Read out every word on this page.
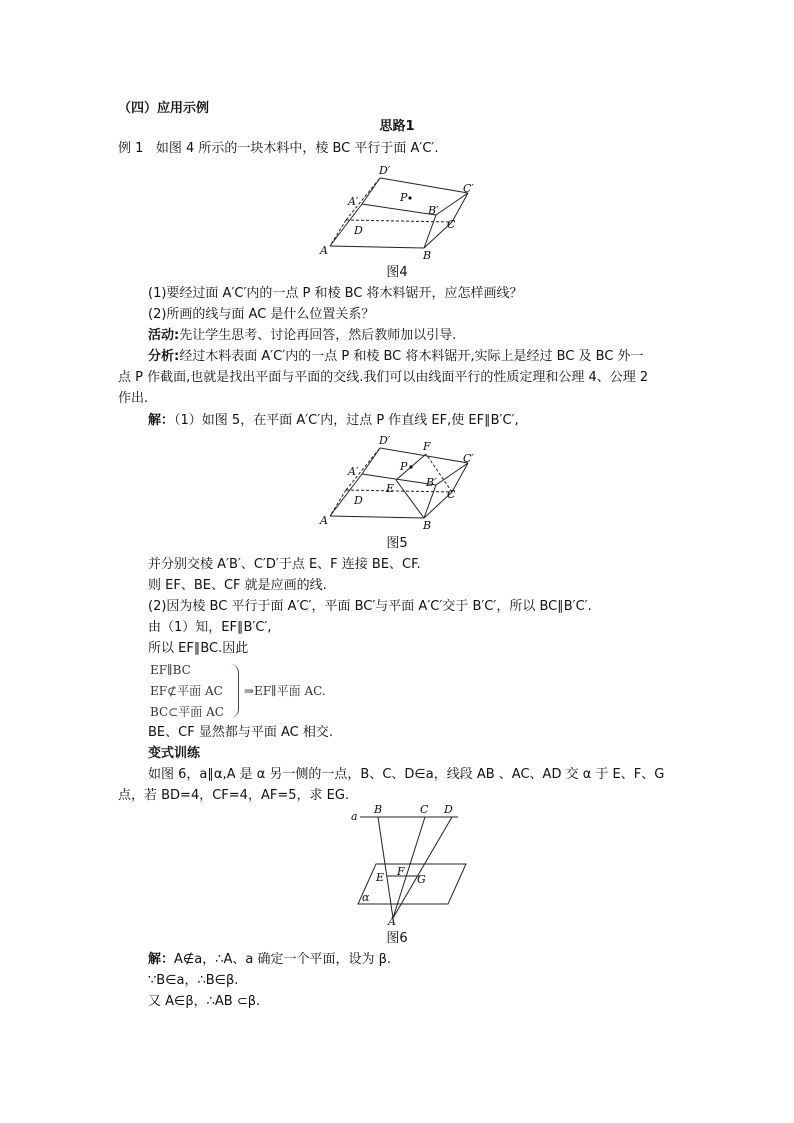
（四）应用示例
思路1
例 1 如图 4 所示的一块木料中，棱 BC 平行于面 A′C′.
D′
C′
A′	P
B′
D	C
A	B
图4
(1)要经过面 A′C′内的一点 P 和棱 BC 将木料锯开，应怎样画线？
(2)所画的线与面 AC 是什么位置关系？
活动:先让学生思考、讨论再回答，然后教师加以引导.
分析:经过木料表面 A′C′内的一点 P 和棱 BC 将木料锯开,实际上是经过 BC 及 BC 外一
点 P 作截面,也就是找出平面与平面的交线.我们可以由线面平行的性质定理和公理 4、公理 2
作出.
解：（1）如图 5，在平面 A′C′内，过点 P 作直线 EF,使 EF∥B′C′,
D′	F
C′
A′	P
B′
E
D	C
A	B
图5
并分别交棱 A′B′、C′D′于点 E、F 连接 BE、CF.
则 EF、BE、CF 就是应画的线.
(2)因为棱 BC 平行于面 A′C′，平面 BC′与平面 A′C′交于 B′C′，所以 BC∥B′C′.
由（1）知，EF∥B′C′,
所以 EF∥BC.因此
EF∥BC
EF⊄平面 AC
BC⊂平面 AC
⇒EF∥平面 AC.
BE、CF 显然都与平面 AC 相交.
变式训练
如图 6，a∥α,A 是 α 另一侧的一点，B、C、D∈a，线段 AB 、AC、AD 交 α 于 E、F、G
点，若 BD=4，CF=4，AF=5，求 EG.
a
B	C D
F
E	G
α
A
图6
解：A∉a，∴A、a 确定一个平面，设为 β.
∵B∈a，∴B∈β.
又 A∈β，∴AB ⊂β.
